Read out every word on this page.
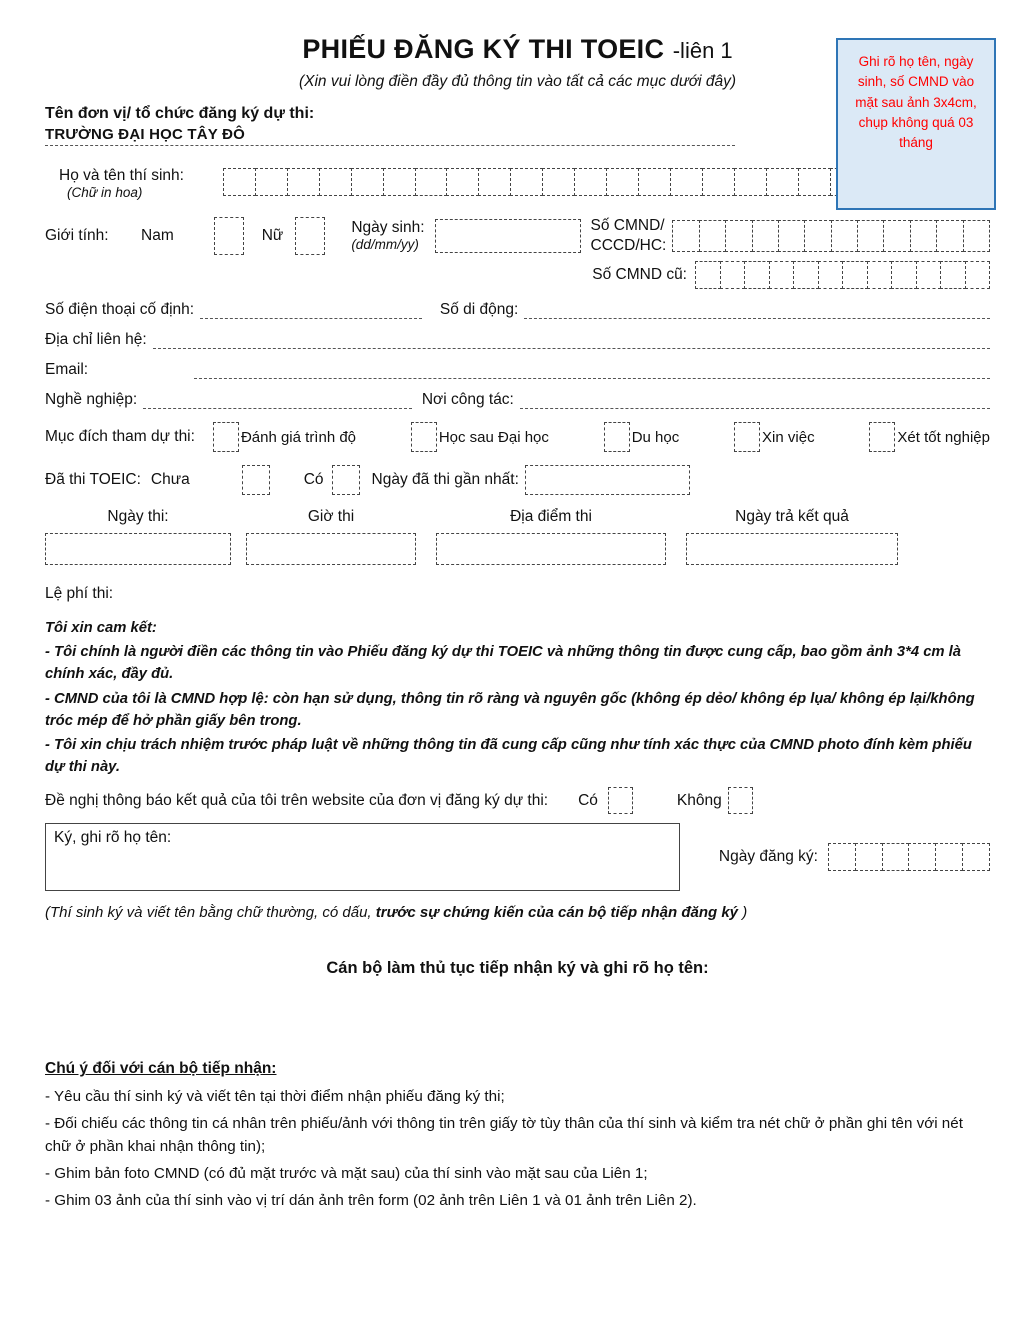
Ghi rõ họ tên, ngày sinh, số CMND vào mặt sau ảnh 3x4cm, chụp không quá 03 tháng
PHIẾU ĐĂNG KÝ THI TOEIC -liên 1
(Xin vui lòng điền đầy đủ thông tin vào tất cả các mục dưới đây)
Tên đơn vị/ tổ chức đăng ký dự thi:
TRƯỜNG ĐẠI HỌC TÂY ĐÔ
Họ và tên thí sinh:
(Chữ in hoa)
Giới tính:	Nam	Nữ	Ngày sinh:
(dd/mm/yy)
Số CMND/
CCCD/HC:
Số CMND cũ:
Số điện thoại cố định:	Số di động:
Địa chỉ liên hệ:
Email:
Nghề nghiệp:	Nơi công tác:
Mục đích tham dự thi:	Đánh giá trình độ	Học sau Đại học	Du học	Xin việc	Xét tốt nghiệp
Đã thi TOEIC: Chưa	Có	Ngày đã thi gần nhất:
Ngày thi:	Giờ thi	Địa điểm thi	Ngày trả kết quả
Lệ phí thi:

Tôi xin cam kết:

- Tôi chính là người điền các thông tin vào Phiếu đăng ký dự thi TOEIC và những thông tin được cung cấp, bao gồm ảnh 3*4 cm là chính xác, đầy đủ.

- CMND của tôi là CMND hợp lệ: còn hạn sử dụng, thông tin rõ ràng và nguyên gốc (không ép dẻo/ không ép lụa/ không ép lại/không tróc mép để hở phần giấy bên trong.

- Tôi xin chịu trách nhiệm trước pháp luật về những thông tin đã cung cấp cũng như tính xác thực của CMND photo đính kèm phiếu dự thi này.

Đề nghị thông báo kết quả của tôi trên website của đơn vị đăng ký dự thi: Có	Không
Ký, ghi rõ họ tên:
Ngày đăng ký:
(Thí sinh ký và viết tên bằng chữ thường, có dấu, trước sự chứng kiến của cán bộ tiếp nhận đăng ký )
Cán bộ làm thủ tục tiếp nhận ký và ghi rõ họ tên:
Chú ý đối với cán bộ tiếp nhận:

- Yêu cầu thí sinh ký và viết tên tại thời điểm nhận phiếu đăng ký thi;

- Đối chiếu các thông tin cá nhân trên phiếu/ảnh với thông tin trên giấy tờ tùy thân của thí sinh và kiểm tra nét chữ ở phần ghi tên với nét chữ ở phần khai nhận thông tin);

- Ghim bản foto CMND (có đủ mặt trước và mặt sau) của thí sinh vào mặt sau của Liên 1;

- Ghim 03 ảnh của thí sinh vào vị trí dán ảnh trên form (02 ảnh trên Liên 1 và 01 ảnh trên Liên 2).
